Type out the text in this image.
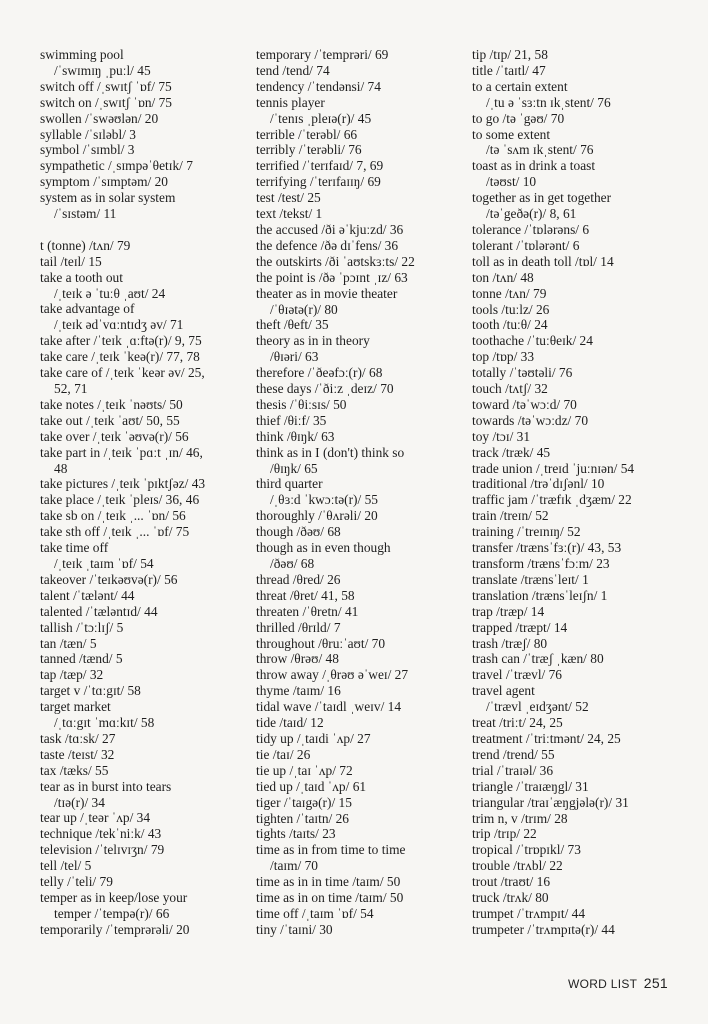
swimming pool
/ˈswɪmɪŋ ˌpuːl/ 45
switch off /ˌswɪtʃ ˈɒf/ 75
switch on /ˌswɪtʃ ˈɒn/ 75
swollen /ˈswəʊlən/ 20
syllable /ˈsɪləbl/ 3
symbol /ˈsɪmbl/ 3
sympathetic /ˌsɪmpəˈθetɪk/ 7
symptom /ˈsɪmptəm/ 20
system as in solar system
/ˈsɪstəm/ 11
t (tonne) /tʌn/ 79
tail /teɪl/ 15
take a tooth out
/ˌteɪk ə ˈtuːθ ˌaʊt/ 24
take advantage of
/ˌteɪk ədˈvɑːntɪdʒ əv/ 71
take after /ˈteɪk ˌɑːftə(r)/ 9, 75
take care /ˌteɪk ˈkeə(r)/ 77, 78
take care of /ˌteɪk ˈkeər əv/ 25,
52, 71
take notes /ˌteɪk ˈnəʊts/ 50
take out /ˌteɪk ˈaʊt/ 50, 55
take over /ˌteɪk ˈəʊvə(r)/ 56
take part in /ˌteɪk ˈpɑːt ˌɪn/ 46,
48
take pictures /ˌteɪk ˈpɪktʃəz/ 43
take place /ˌteɪk ˈpleɪs/ 36, 46
take sb on /ˌteɪk ˌ... ˈɒn/ 56
take sth off /ˌteɪk ˌ... ˈɒf/ 75
take time off
/ˌteɪk ˌtaɪm ˈɒf/ 54
takeover /ˈteɪkəʊvə(r)/ 56
talent /ˈtælənt/ 44
talented /ˈtæləntɪd/ 44
tallish /ˈtɔːlɪʃ/ 5
tan /tæn/ 5
tanned /tænd/ 5
tap /tæp/ 32
target v /ˈtɑːgɪt/ 58
target market
/ˌtɑːgɪt ˈmɑːkɪt/ 58
task /tɑːsk/ 27
taste /teɪst/ 32
tax /tæks/ 55
tear as in burst into tears
/tɪə(r)/ 34
tear up /ˌteər ˈʌp/ 34
technique /tekˈniːk/ 43
television /ˈtelɪvɪʒn/ 79
tell /tel/ 5
telly /ˈteli/ 79
temper as in keep/lose your
temper /ˈtempə(r)/ 66
temporarily /ˈtemprərəli/ 20
temporary /ˈtemprəri/ 69
tend /tend/ 74
tendency /ˈtendənsi/ 74
tennis player
/ˈtenɪs ˌpleɪə(r)/ 45
terrible /ˈterəbl/ 66
terribly /ˈterəbli/ 76
terrified /ˈterɪfaɪd/ 7, 69
terrifying /ˈterɪfaɪɪŋ/ 69
test /test/ 25
text /tekst/ 1
the accused /ði əˈkjuːzd/ 36
the defence /ðə dɪˈfens/ 36
the outskirts /ði ˈaʊtskɜːts/ 22
the point is /ðə ˈpɔɪnt ˌɪz/ 63
theater as in movie theater
/ˈθɪətə(r)/ 80
theft /θeft/ 35
theory as in in theory
/θɪəri/ 63
therefore /ˈðeəfɔː(r)/ 68
these days /ˈðiːz ˌdeɪz/ 70
thesis /ˈθiːsɪs/ 50
thief /θiːf/ 35
think /θɪŋk/ 63
think as in I (don't) think so
/θɪŋk/ 65
third quarter
/ˌθɜːd ˈkwɔːtə(r)/ 55
thoroughly /ˈθʌrəli/ 20
though /ðəʊ/ 68
though as in even though
/ðəʊ/ 68
thread /θred/ 26
threat /θret/ 41, 58
threaten /ˈθretn/ 41
thrilled /θrɪld/ 7
throughout /θruːˈaʊt/ 70
throw /θrəʊ/ 48
throw away /ˌθrəʊ əˈweɪ/ 27
thyme /taɪm/ 16
tidal wave /ˈtaɪdl ˌweɪv/ 14
tide /taɪd/ 12
tidy up /ˌtaɪdi ˈʌp/ 27
tie /taɪ/ 26
tie up /ˌtaɪ ˈʌp/ 72
tied up /ˌtaɪd ˈʌp/ 61
tiger /ˈtaɪgə(r)/ 15
tighten /ˈtaɪtn/ 26
tights /taɪts/ 23
time as in from time to time
/taɪm/ 70
time as in in time /taɪm/ 50
time as in on time /taɪm/ 50
time off /ˌtaɪm ˈɒf/ 54
tiny /ˈtaɪni/ 30
tip /tɪp/ 21, 58
title /ˈtaɪtl/ 47
to a certain extent
/ˌtu ə ˈsɜːtn ɪkˌstent/ 76
to go /tə ˈgəʊ/ 70
to some extent
/tə ˈsʌm ɪkˌstent/ 76
toast as in drink a toast
/təʊst/ 10
together as in get together
/təˈgeðə(r)/ 8, 61
tolerance /ˈtɒlərəns/ 6
tolerant /ˈtɒlərənt/ 6
toll as in death toll /tɒl/ 14
ton /tʌn/ 48
tonne /tʌn/ 79
tools /tuːlz/ 26
tooth /tuːθ/ 24
toothache /ˈtuːθeɪk/ 24
top /tɒp/ 33
totally /ˈtəʊtəli/ 76
touch /tʌtʃ/ 32
toward /təˈwɔːd/ 70
towards /təˈwɔːdz/ 70
toy /tɔɪ/ 31
track /træk/ 45
trade union /ˌtreɪd ˈjuːnɪən/ 54
traditional /trəˈdɪʃənl/ 10
traffic jam /ˈtræfɪk ˌdʒæm/ 22
train /treɪn/ 52
training /ˈtreɪnɪŋ/ 52
transfer /trænsˈfɜː(r)/ 43, 53
transform /trænsˈfɔːm/ 23
translate /trænsˈleɪt/ 1
translation /trænsˈleɪʃn/ 1
trap /træp/ 14
trapped /træpt/ 14
trash /træʃ/ 80
trash can /ˈtræʃ ˌkæn/ 80
travel /ˈtrævl/ 76
travel agent
/ˈtrævl ˌeɪdʒənt/ 52
treat /triːt/ 24, 25
treatment /ˈtriːtmənt/ 24, 25
trend /trend/ 55
trial /ˈtraɪəl/ 36
triangle /ˈtraɪæŋgl/ 31
triangular /traɪˈæŋgjələ(r)/ 31
trim n, v /trɪm/ 28
trip /trɪp/ 22
tropical /ˈtrɒpɪkl/ 73
trouble /trʌbl/ 22
trout /traʊt/ 16
truck /trʌk/ 80
trumpet /ˈtrʌmpɪt/ 44
trumpeter /ˈtrʌmpɪtə(r)/ 44
WORD LIST 251
